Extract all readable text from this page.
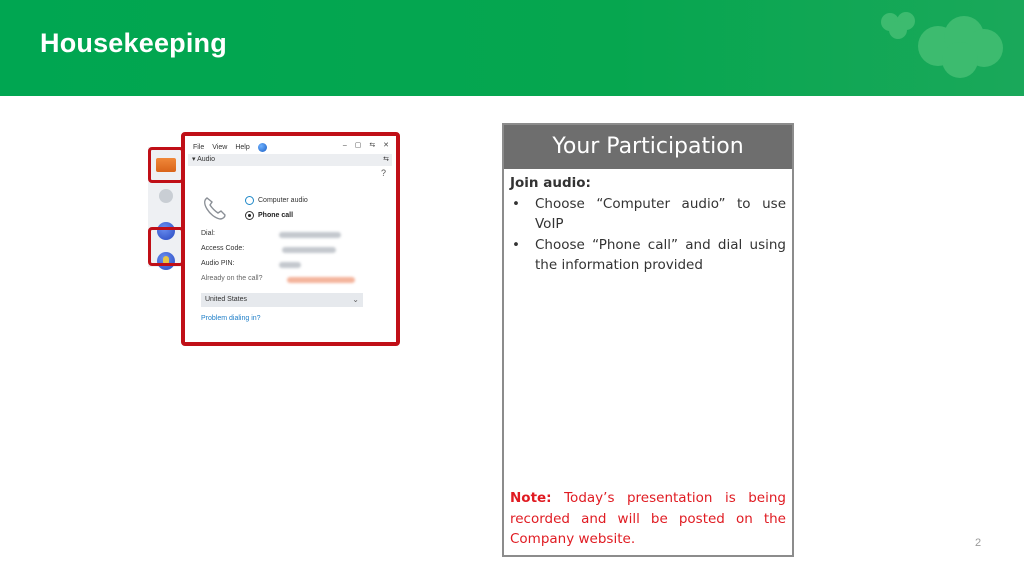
Housekeeping
File View Help	– ▢ ⇆ ✕
▾ Audio	⇆
?
Computer audio
Phone call
Dial:
Access Code:
Audio PIN:
Already on the call?
United States	⌄
Problem dialing in?
Your Participation
Join audio:
• Choose “Computer audio” to use VoIP
• Choose “Phone call” and dial using the information provided
Note: Today’s presentation is being recorded and will be posted on the Company website.	2
